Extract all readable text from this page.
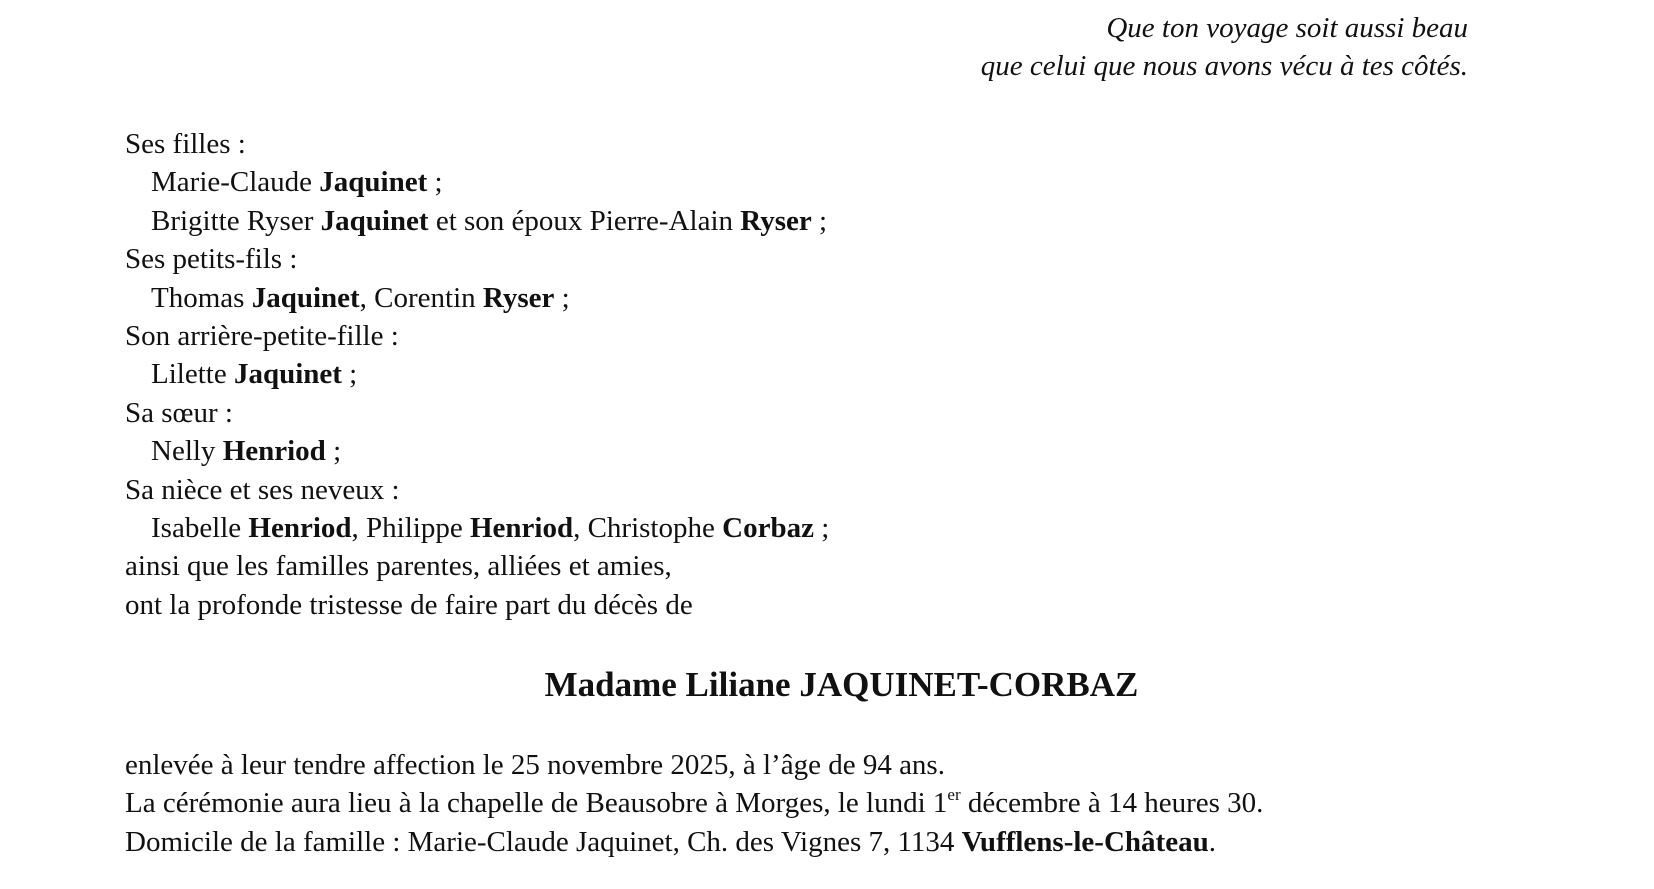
Que ton voyage soit aussi beau
que celui que nous avons vécu à tes côtés.
Ses filles :
Marie-Claude Jaquinet ;
Brigitte Ryser Jaquinet et son époux Pierre-Alain Ryser ;
Ses petits-fils :
Thomas Jaquinet, Corentin Ryser ;
Son arrière-petite-fille :
Lilette Jaquinet ;
Sa sœur :
Nelly Henriod ;
Sa nièce et ses neveux :
Isabelle Henriod, Philippe Henriod, Christophe Corbaz ;
ainsi que les familles parentes, alliées et amies,
ont la profonde tristesse de faire part du décès de
Madame Liliane JAQUINET-CORBAZ
enlevée à leur tendre affection le 25 novembre 2025, à l’âge de 94 ans.
La cérémonie aura lieu à la chapelle de Beausobre à Morges, le lundi 1er décembre à 14 heures 30.
Domicile de la famille : Marie-Claude Jaquinet, Ch. des Vignes 7, 1134 Vufflens-le-Château.
